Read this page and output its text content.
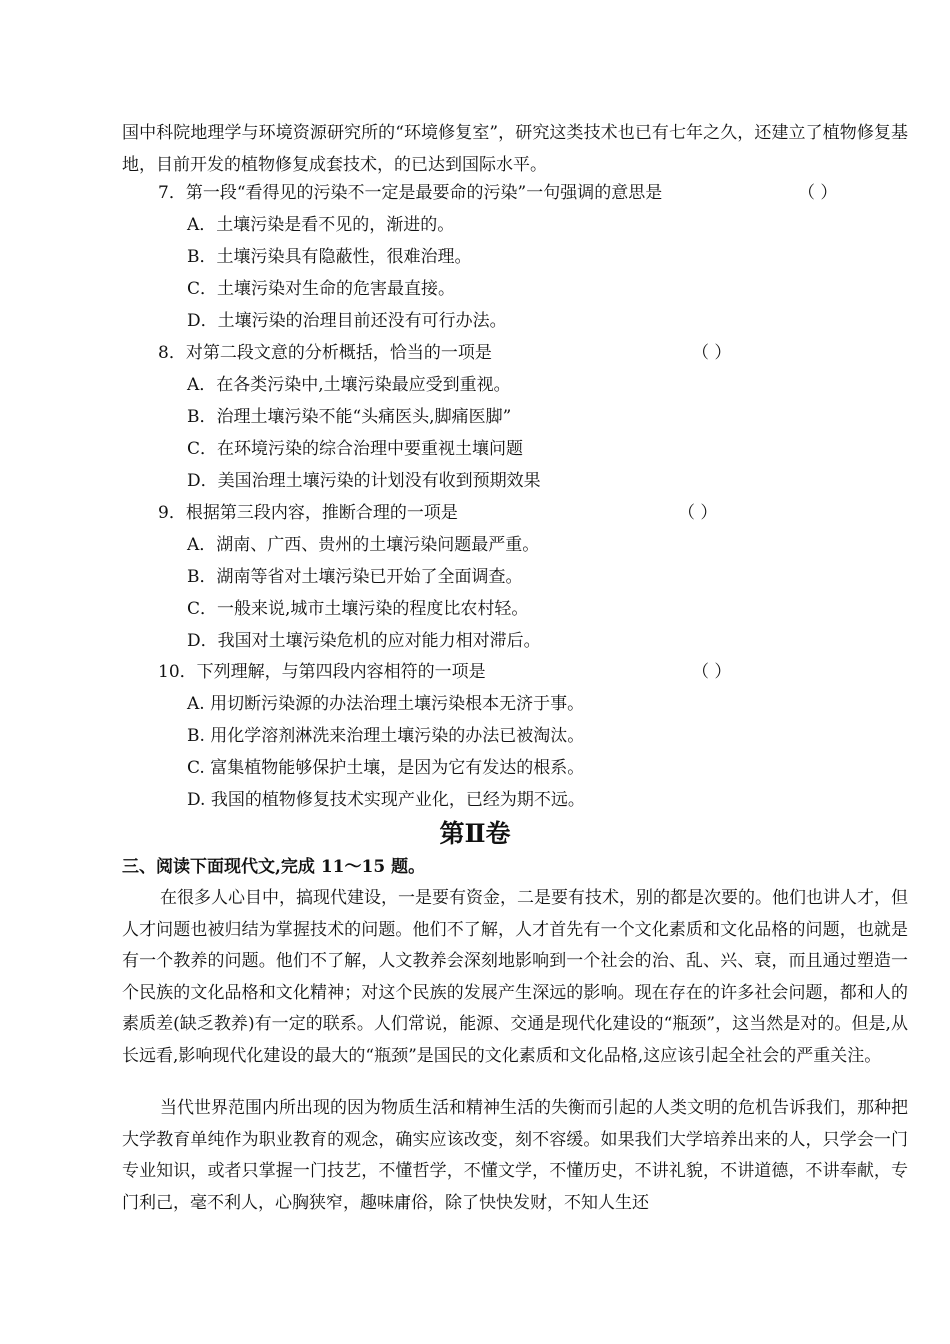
国中科院地理学与环境资源研究所的“环境修复室”，研究这类技术也已有七年之久，还建立了植物修复基地，目前开发的植物修复成套技术，的已达到国际水平。
7．第一段“看得见的污染不一定是最要命的污染”一句强调的意思是	（ ）
A．土壤污染是看不见的，渐进的。
B．土壤污染具有隐蔽性，很难治理。
C．土壤污染对生命的危害最直接。
D．土壤污染的治理目前还没有可行办法。
8．对第二段文意的分析概括，恰当的一项是	（ ）
A．在各类污染中,土壤污染最应受到重视。
B．治理土壤污染不能“头痛医头,脚痛医脚”
C．在环境污染的综合治理中要重视土壤问题
D．美国治理土壤污染的计划没有收到预期效果
9．根据第三段内容，推断合理的一项是	（ ）
A．湖南、广西、贵州的土壤污染问题最严重。
B．湖南等省对土壤污染已开始了全面调查。
C．一般来说,城市土壤污染的程度比农村轻。
D．我国对土壤污染危机的应对能力相对滞后。
10．下列理解，与第四段内容相符的一项是	（ ）
A. 用切断污染源的办法治理土壤污染根本无济于事。
B. 用化学溶剂淋洗来治理土壤污染的办法已被淘汰。
C. 富集植物能够保护土壤，是因为它有发达的根系。
D. 我国的植物修复技术实现产业化，已经为期不远。
第Ⅱ卷
三、阅读下面现代文,完成 11～15 题。
在很多人心目中，搞现代建设，一是要有资金，二是要有技术，别的都是次要的。他们也讲人才，但人才问题也被归结为掌握技术的问题。他们不了解，人才首先有一个文化素质和文化品格的问题，也就是有一个教养的问题。他们不了解，人文教养会深刻地影响到一个社会的治、乱、兴、衰，而且通过塑造一个民族的文化品格和文化精神；对这个民族的发展产生深远的影响。现在存在的许多社会问题，都和人的素质差(缺乏教养)有一定的联系。人们常说，能源、交通是现代化建设的“瓶颈”，这当然是对的。但是,从长远看,影响现代化建设的最大的“瓶颈”是国民的文化素质和文化品格,这应该引起全社会的严重关注。
当代世界范围内所出现的因为物质生活和精神生活的失衡而引起的人类文明的危机告诉我们，那种把大学教育单纯作为职业教育的观念，确实应该改变，刻不容缓。如果我们大学培养出来的人，只学会一门专业知识，或者只掌握一门技艺，不懂哲学，不懂文学，不懂历史，不讲礼貌，不讲道德，不讲奉献，专门利己，毫不利人，心胸狭窄，趣味庸俗，除了快快发财，不知人生还
